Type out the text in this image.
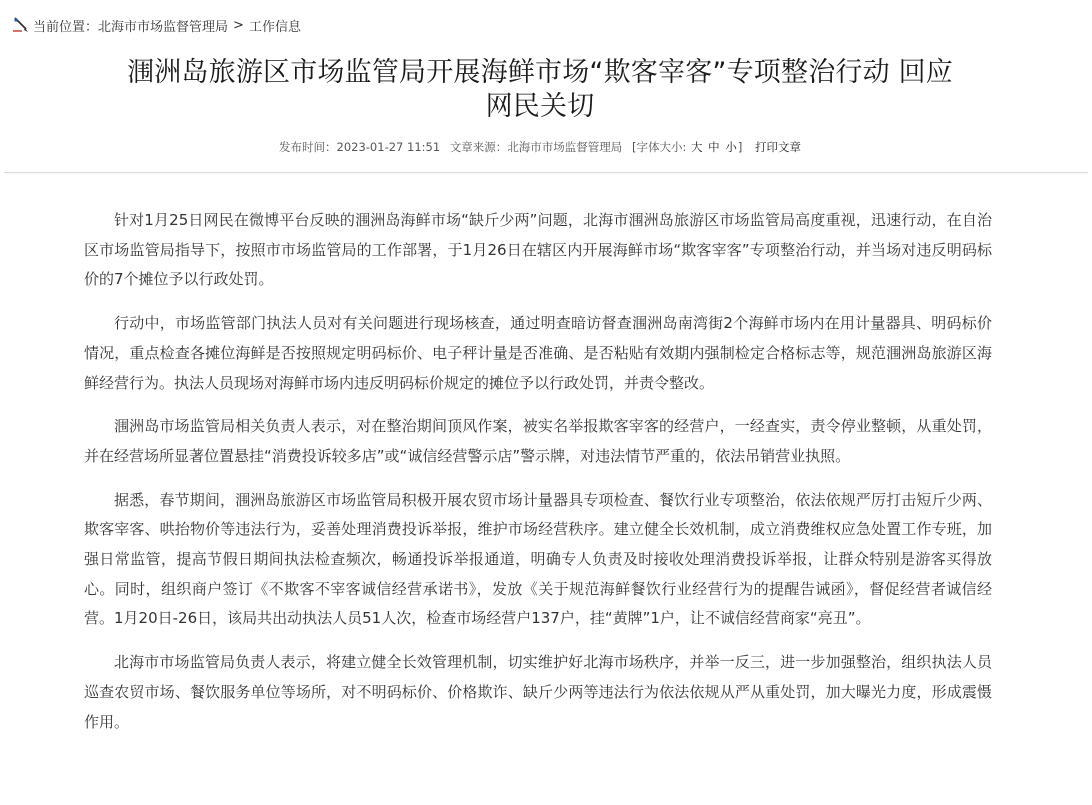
当前位置： 北海市市场监督管理局 > 工作信息
涠洲岛旅游区市场监管局开展海鲜市场“欺客宰客”专项整治行动 回应
网民关切
发布时间：2023-01-27 11:51 文章来源：北海市市场监督管理局 [字体大小: 大 中 小] 打印文章

针对1月25日网民在微博平台反映的涠洲岛海鲜市场“缺斤少两”问题，北海市涠洲岛旅游区市场监管局高度重视，迅速行动，在自治区市场监管局指导下，按照市市场监管局的工作部署，于1月26日在辖区内开展海鲜市场“欺客宰客”专项整治行动，并当场对违反明码标价的7个摊位予以行政处罚。

行动中，市场监管部门执法人员对有关问题进行现场核查，通过明查暗访督查涠洲岛南湾街2个海鲜市场内在用计量器具、明码标价情况，重点检查各摊位海鲜是否按照规定明码标价、电子秤计量是否准确、是否粘贴有效期内强制检定合格标志等，规范涠洲岛旅游区海鲜经营行为。执法人员现场对海鲜市场内违反明码标价规定的摊位予以行政处罚，并责令整改。

涠洲岛市场监管局相关负责人表示，对在整治期间顶风作案，被实名举报欺客宰客的经营户，一经查实，责令停业整顿，从重处罚，并在经营场所显著位置悬挂“消费投诉较多店”或“诚信经营警示店”警示牌，对违法情节严重的，依法吊销营业执照。

据悉，春节期间，涠洲岛旅游区市场监管局积极开展农贸市场计量器具专项检查、餐饮行业专项整治，依法依规严厉打击短斤少两、欺客宰客、哄抬物价等违法行为，妥善处理消费投诉举报，维护市场经营秩序。建立健全长效机制，成立消费维权应急处置工作专班，加强日常监管，提高节假日期间执法检查频次，畅通投诉举报通道，明确专人负责及时接收处理消费投诉举报，让群众特别是游客买得放心。同时，组织商户签订《不欺客不宰客诚信经营承诺书》，发放《关于规范海鲜餐饮行业经营行为的提醒告诫函》，督促经营者诚信经营。1月20日-26日，该局共出动执法人员51人次，检查市场经营户137户，挂“黄牌”1户，让不诚信经营商家“亮丑”。

北海市市场监管局负责人表示，将建立健全长效管理机制，切实维护好北海市场秩序，并举一反三，进一步加强整治，组织执法人员巡查农贸市场、餐饮服务单位等场所，对不明码标价、价格欺诈、缺斤少两等违法行为依法依规从严从重处罚，加大曝光力度，形成震慑作用。
